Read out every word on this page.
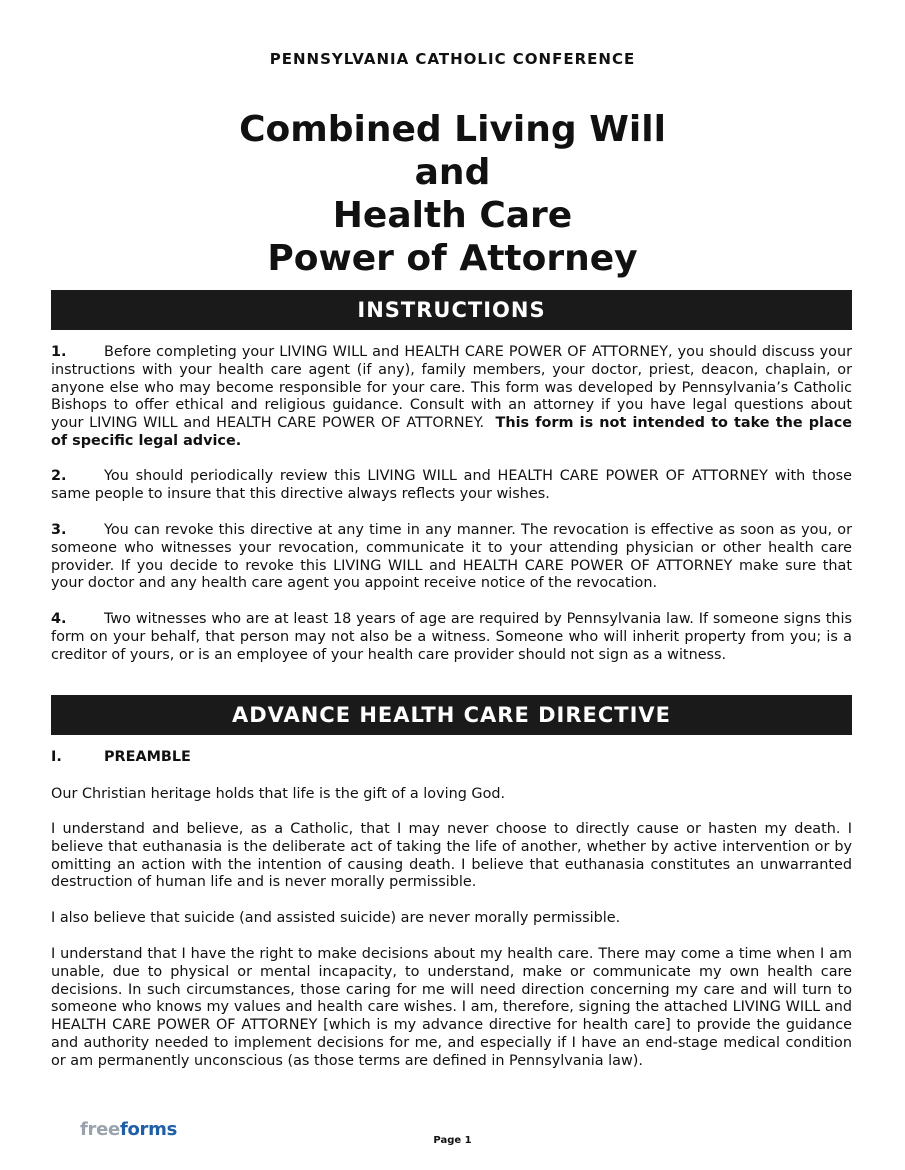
PENNSYLVANIA CATHOLIC CONFERENCE
Combined Living Will
and
Health Care
Power of Attorney
INSTRUCTIONS

1.	Before completing your LIVING WILL and HEALTH CARE POWER OF ATTORNEY, you should discuss your instructions with your health care agent (if any), family members, your doctor, priest, deacon, chaplain, or anyone else who may become responsible for your care. This form was developed by Pennsylvania’s Catholic Bishops to offer ethical and religious guidance. Consult with an attorney if you have legal questions about your LIVING WILL and HEALTH CARE POWER OF ATTORNEY. This form is not intended to take the place of specific legal advice.

2.	You should periodically review this LIVING WILL and HEALTH CARE POWER OF ATTORNEY with those same people to insure that this directive always reflects your wishes.

3.	You can revoke this directive at any time in any manner. The revocation is effective as soon as you, or someone who witnesses your revocation, communicate it to your attending physician or other health care provider. If you decide to revoke this LIVING WILL and HEALTH CARE POWER OF ATTORNEY make sure that your doctor and any health care agent you appoint receive notice of the revocation.

4.	Two witnesses who are at least 18 years of age are required by Pennsylvania law. If someone signs this form on your behalf, that person may not also be a witness. Someone who will inherit property from you; is a creditor of yours, or is an employee of your health care provider should not sign as a witness.

ADVANCE HEALTH CARE DIRECTIVE
I.	PREAMBLE
Our Christian heritage holds that life is the gift of a loving God.
I understand and believe, as a Catholic, that I may never choose to directly cause or hasten my death. I believe that euthanasia is the deliberate act of taking the life of another, whether by active intervention or by omitting an action with the intention of causing death. I believe that euthanasia constitutes an unwarranted destruction of human life and is never morally permissible.
I also believe that suicide (and assisted suicide) are never morally permissible.
I understand that I have the right to make decisions about my health care. There may come a time when I am unable, due to physical or mental incapacity, to understand, make or communicate my own health care decisions. In such circumstances, those caring for me will need direction concerning my care and will turn to someone who knows my values and health care wishes. I am, therefore, signing the attached LIVING WILL and HEALTH CARE POWER OF ATTORNEY [which is my advance directive for health care] to provide the guidance and authority needed to implement decisions for me, and especially if I have an end-stage medical condition or am permanently unconscious (as those terms are defined in Pennsylvania law).
freeforms
Page 1
